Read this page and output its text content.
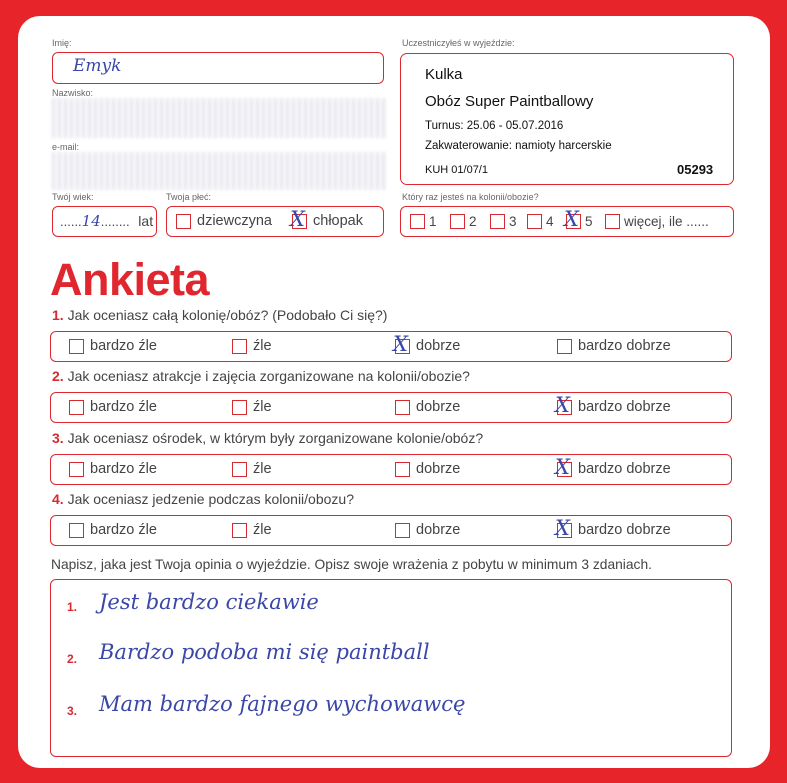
Imię:
Emyk
Nazwisko:
e-mail:
Twój wiek:
......14........ lat
Twoja płeć:
dziewczyna X chłopak
Uczestniczyłeś w wyjeździe:
Kulka
Obóz Super Paintballowy
Turnus: 25.06 - 05.07.2016
Zakwaterowanie: namioty harcerskie
KUH 01/07/1	05293
Który raz jesteś na kolonii/obozie?
1	2	3	4 X 5	więcej, ile ......
Ankieta
1. Jak oceniasz całą kolonię/obóz? (Podobało Ci się?)
bardzo źle	źle	X dobrze	bardzo dobrze
2. Jak oceniasz atrakcje i zajęcia zorganizowane na kolonii/obozie?
bardzo źle	źle	dobrze	X bardzo dobrze
3. Jak oceniasz ośrodek, w którym były zorganizowane kolonie/obóz?
bardzo źle	źle	dobrze	X bardzo dobrze
4. Jak oceniasz jedzenie podczas kolonii/obozu?
bardzo źle	źle	dobrze	X bardzo dobrze
Napisz, jaka jest Twoja opinia o wyjeździe. Opisz swoje wrażenia z pobytu w minimum 3 zdaniach.
1. Jest bardzo ciekawie
2. Bardzo podoba mi się paintball
3. Mam bardzo fajnego wychowawcę
